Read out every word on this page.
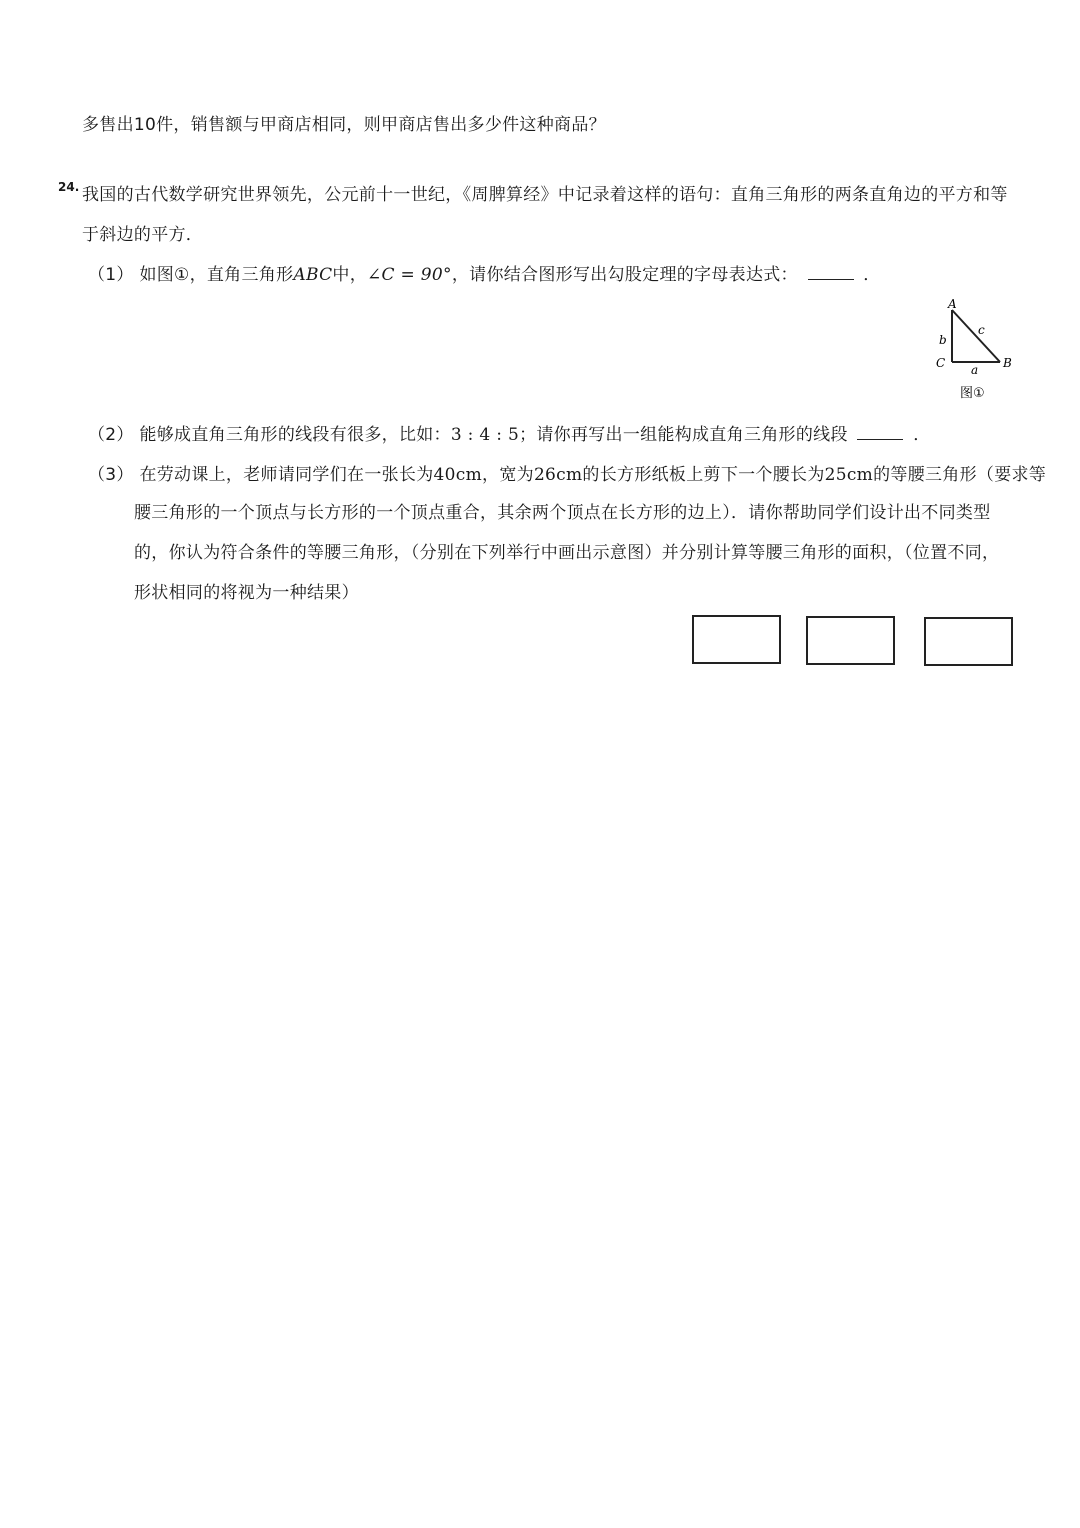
多售出10件，销售额与甲商店相同，则甲商店售出多少件这种商品？
24. 我国的古代数学研究世界领先，公元前十一世纪，《周脾算经》中记录着这样的语句：直角三角形的两条直角边的平方和等
于斜边的平方．
（1） 如图①，直角三角形ABC中，∠C = 90°，请你结合图形写出勾股定理的字母表达式：	．
A
B
C
b
c
a
图①
（2） 能够成直角三角形的线段有很多，比如：3 : 4 : 5；请你再写出一组能构成直角三角形的线段	．
（3） 在劳动课上，老师请同学们在一张长为40cm，宽为26cm的长方形纸板上剪下一个腰长为25cm的等腰三角形（要求等
腰三角形的一个顶点与长方形的一个顶点重合，其余两个顶点在长方形的边上）．请你帮助同学们设计出不同类型
的，你认为符合条件的等腰三角形，（分别在下列举行中画出示意图）并分别计算等腰三角形的面积，（位置不同，
形状相同的将视为一种结果）
